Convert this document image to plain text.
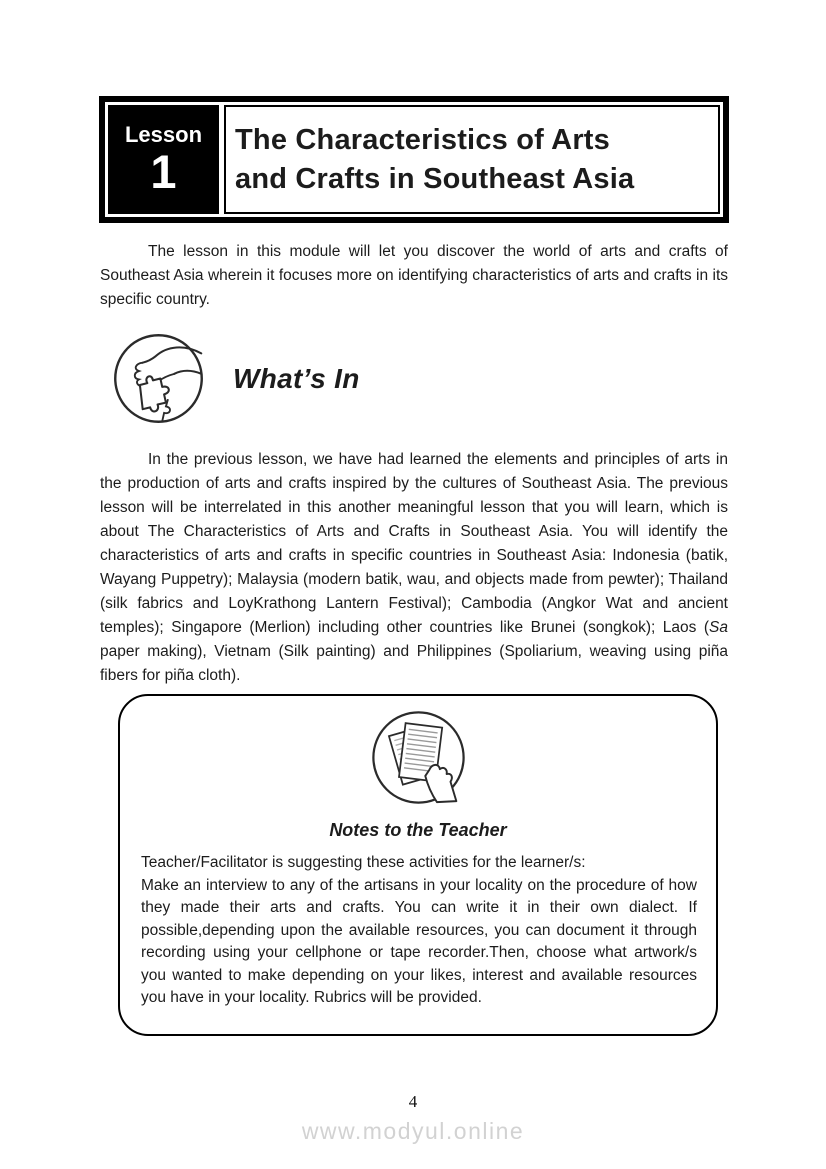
Lesson
1
The Characteristics of Arts
and Crafts in Southeast Asia

The lesson in this module will let you discover the world of arts and crafts of Southeast Asia wherein it focuses more on identifying characteristics of arts and crafts in its specific country.

What’s In

In the previous lesson, we have had learned the elements and principles of arts in the production of arts and crafts inspired by the cultures of Southeast Asia. The previous lesson will be interrelated in this another meaningful lesson that you will learn, which is about The Characteristics of Arts and Crafts in Southeast Asia. You will identify the characteristics of arts and crafts in specific countries in Southeast Asia: Indonesia (batik, Wayang Puppetry); Malaysia (modern batik, wau, and objects made from pewter); Thailand (silk fabrics and LoyKrathong Lantern Festival); Cambodia (Angkor Wat and ancient temples); Singapore (Merlion) including other countries like Brunei (songkok); Laos (Sa paper making), Vietnam (Silk painting) and Philippines (Spoliarium, weaving using piña fibers for piña cloth).

Notes to the Teacher
Teacher/Facilitator is suggesting these activities for the learner/s:
Make an interview to any of the artisans in your locality on the procedure of how they made their arts and crafts. You can write it in their own dialect. If possible,depending upon the available resources, you can document it through recording using your cellphone or tape recorder.Then, choose what artwork/s you wanted to make depending on your likes, interest and available resources you have in your locality. Rubrics will be provided.
4
www.modyul.online
